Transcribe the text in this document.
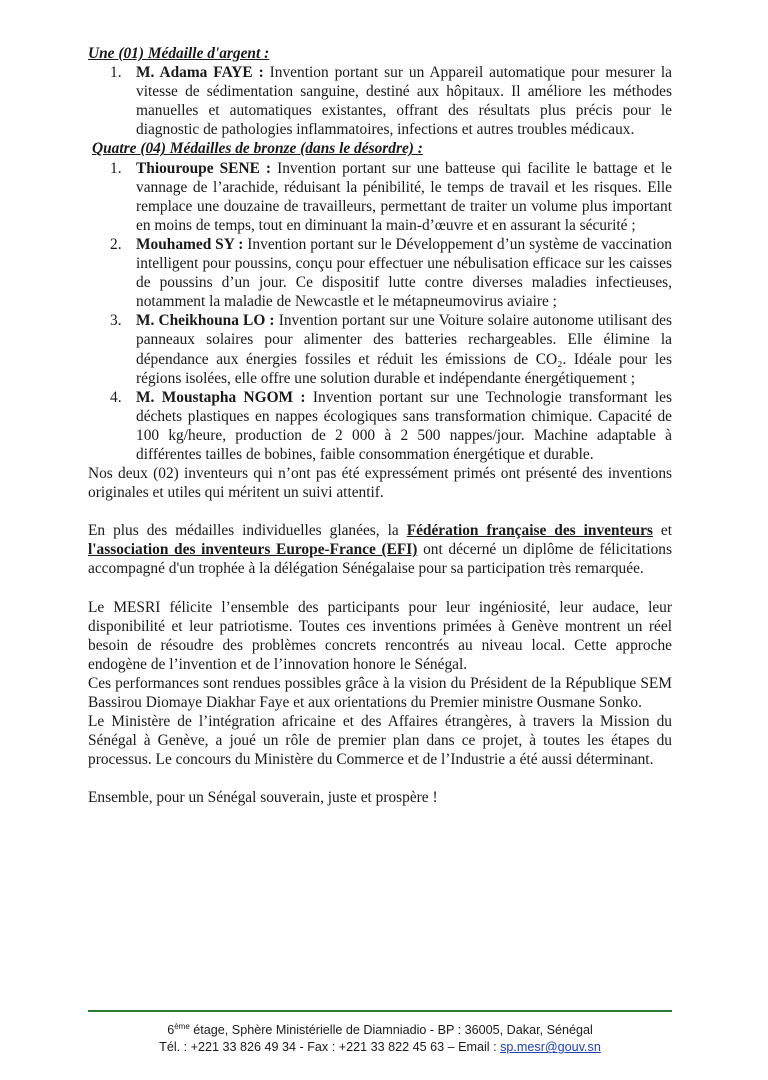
Une (01) Médaille d'argent :

1. M. Adama FAYE : Invention portant sur un Appareil automatique pour mesurer la vitesse de sédimentation sanguine, destiné aux hôpitaux. Il améliore les méthodes manuelles et automatiques existantes, offrant des résultats plus précis pour le diagnostic de pathologies inflammatoires, infections et autres troubles médicaux.

Quatre (04) Médailles de bronze (dans le désordre) :

1. Thiouroupe SENE : Invention portant sur une batteuse qui facilite le battage et le vannage de l’arachide, réduisant la pénibilité, le temps de travail et les risques. Elle remplace une douzaine de travailleurs, permettant de traiter un volume plus important en moins de temps, tout en diminuant la main-d’œuvre et en assurant la sécurité ;
2. Mouhamed SY : Invention portant sur le Développement d’un système de vaccination intelligent pour poussins, conçu pour effectuer une nébulisation efficace sur les caisses de poussins d’un jour. Ce dispositif lutte contre diverses maladies infectieuses, notamment la maladie de Newcastle et le métapneumovirus aviaire ;
3. M. Cheikhouna LO : Invention portant sur une Voiture solaire autonome utilisant des panneaux solaires pour alimenter des batteries rechargeables. Elle élimine la dépendance aux énergies fossiles et réduit les émissions de CO₂. Idéale pour les régions isolées, elle offre une solution durable et indépendante énergétiquement ;
4. M. Moustapha NGOM : Invention portant sur une Technologie transformant les déchets plastiques en nappes écologiques sans transformation chimique. Capacité de 100 kg/heure, production de 2 000 à 2 500 nappes/jour. Machine adaptable à différentes tailles de bobines, faible consommation énergétique et durable.

Nos deux (02) inventeurs qui n’ont pas été expressément primés ont présenté des inventions originales et utiles qui méritent un suivi attentif.

En plus des médailles individuelles glanées, la Fédération française des inventeurs et l'association des inventeurs Europe-France (EFI) ont décerné un diplôme de félicitations accompagné d'un trophée à la délégation Sénégalaise pour sa participation très remarquée.

Le MESRI félicite l’ensemble des participants pour leur ingéniosité, leur audace, leur disponibilité et leur patriotisme. Toutes ces inventions primées à Genève montrent un réel besoin de résoudre des problèmes concrets rencontrés au niveau local. Cette approche endogène de l’invention et de l’innovation honore le Sénégal.

Ces performances sont rendues possibles grâce à la vision du Président de la République SEM Bassirou Diomaye Diakhar Faye et aux orientations du Premier ministre Ousmane Sonko.

Le Ministère de l’intégration africaine et des Affaires étrangères, à travers la Mission du Sénégal à Genève, a joué un rôle de premier plan dans ce projet, à toutes les étapes du processus. Le concours du Ministère du Commerce et de l’Industrie a été aussi déterminant.

Ensemble, pour un Sénégal souverain, juste et prospère !

6ème étage, Sphère Ministérielle de Diamniadio - BP : 36005, Dakar, Sénégal
Tél. : +221 33 826 49 34 - Fax : +221 33 822 45 63 – Email : sp.mesr@gouv.sn
